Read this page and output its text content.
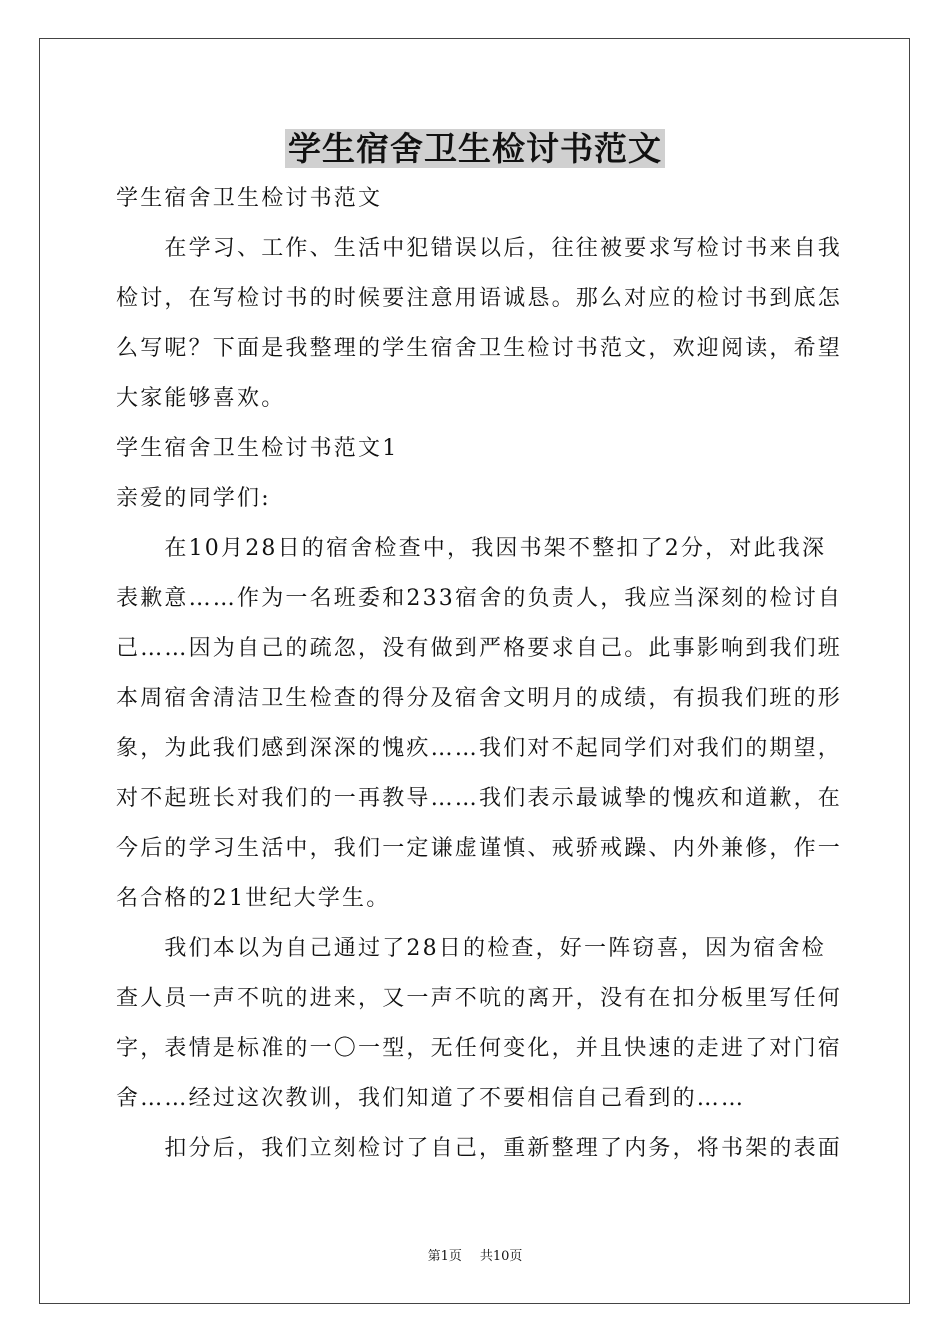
学生宿舍卫生检讨书范文
学生宿舍卫生检讨书范文
　　在学习、工作、生活中犯错误以后，往往被要求写检讨书来自我
检讨，在写检讨书的时候要注意用语诚恳。那么对应的检讨书到底怎
么写呢？下面是我整理的学生宿舍卫生检讨书范文，欢迎阅读，希望
大家能够喜欢。
学生宿舍卫生检讨书范文1
亲爱的同学们:
　　在10月28日的宿舍检查中，我因书架不整扣了2分，对此我深
表歉意……作为一名班委和233宿舍的负责人，我应当深刻的检讨自
己……因为自己的疏忽，没有做到严格要求自己。此事影响到我们班
本周宿舍清洁卫生检查的得分及宿舍文明月的成绩，有损我们班的形
象，为此我们感到深深的愧疚……我们对不起同学们对我们的期望，
对不起班长对我们的一再教导……我们表示最诚挚的愧疚和道歉，在
今后的学习生活中，我们一定谦虚谨慎、戒骄戒躁、内外兼修，作一
名合格的21世纪大学生。
　　我们本以为自己通过了28日的检查，好一阵窃喜，因为宿舍检
查人员一声不吭的进来，又一声不吭的离开，没有在扣分板里写任何
字，表情是标准的一〇一型，无任何变化，并且快速的走进了对门宿
舍……经过这次教训，我们知道了不要相信自己看到的……
　　扣分后，我们立刻检讨了自己，重新整理了内务，将书架的表面
第1页 共10页
